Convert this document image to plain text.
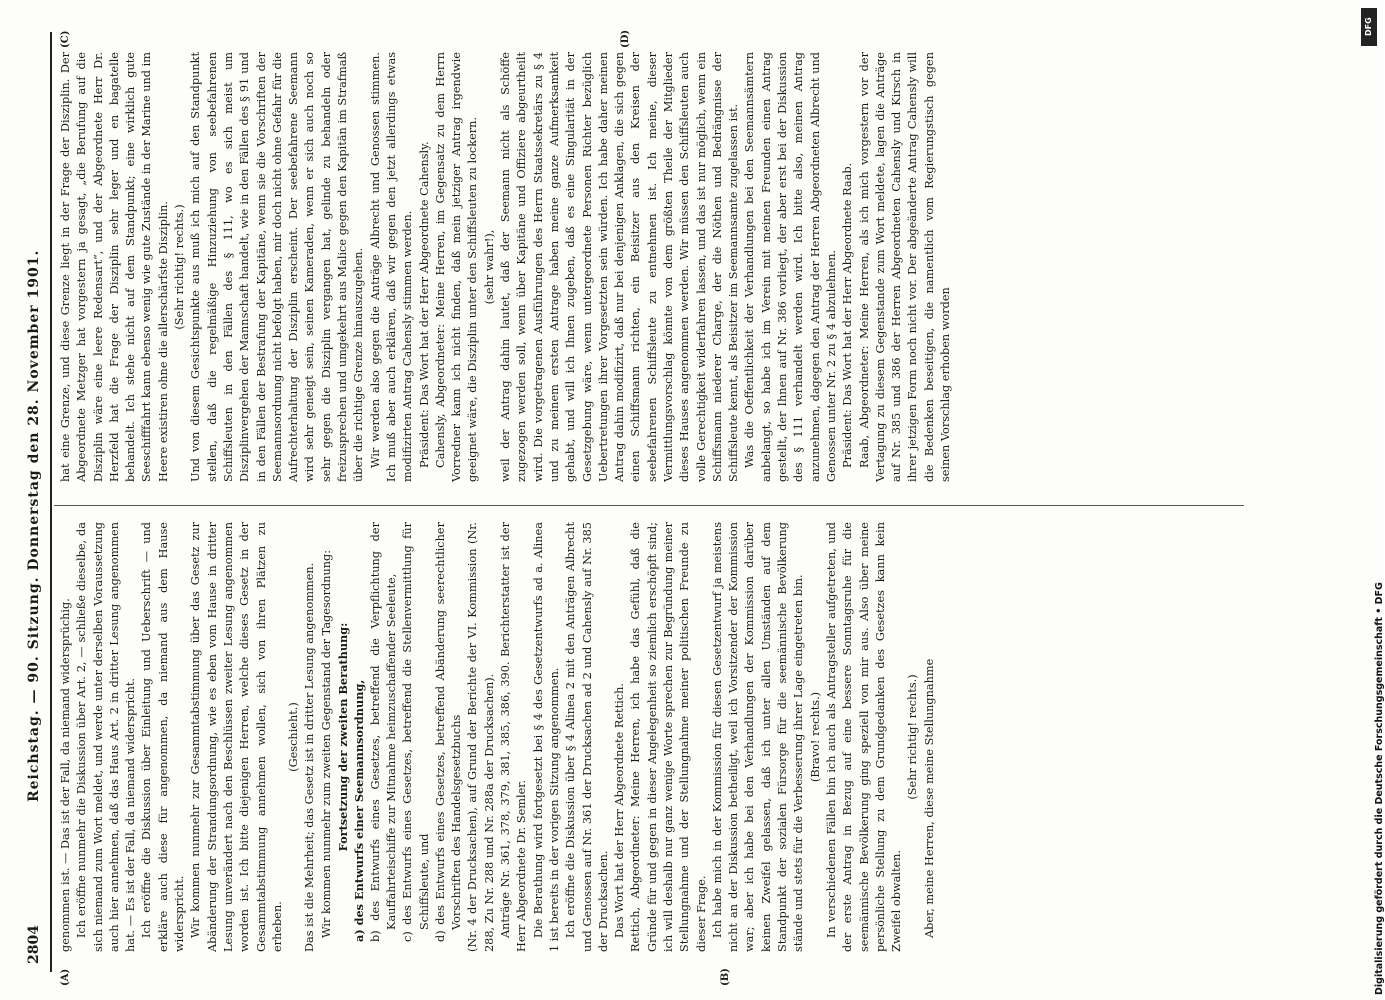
2804
Reichstag. — 90. Sitzung. Donnerstag den 28. November 1901.
(A)	(B)
(C)	(D)

genommen ist. — Das ist der Fall, da niemand widersprüchig. Ich eröffne nunmehr die Diskussion über Art. 2, — schließe dieselbe, da sich niemand zum Wort meldet, und werde unter derselben Voraussetzung auch hier annehmen, daß das Haus Art. 2 in dritter Lesung angenommen hat. — Es ist der Fall, da niemand widerspricht. Ich eröffne die Diskussion über Einleitung und Ueberschrift — und erkläre auch diese für angenommen, da niemand aus dem Hause widerspricht. Wir kommen nunmehr zur Gesammtabstimmung über das Gesetz zur Abänderung der Strandungsordnung, wie es eben vom Hause in dritter Lesung unverändert nach den Beschlüssen zweiter Lesung angenommen worden ist. Ich bitte diejenigen Herren, welche dieses Gesetz in der Gesammtabstimmung annehmen wollen, sich von ihren Plätzen zu erheben.

(Geschieht.) Das ist die Mehrheit; das Gesetz ist in dritter Lesung angenommen. Wir kommen nunmehr zum zweiten Gegenstand der Tagesordnung: Fortsetzung der zweiten Berathung: a) des Entwurfs einer Seemannsordnung, b) des Entwurfs eines Gesetzes, betreffend die Verpflichtung der Kauffahrteischiffe zur Mitnahme heimzuschaffender Seeleute, c) des Entwurfs eines Gesetzes, betreffend die Stellenvermittlung für Schiffsleute, und d) des Entwurfs eines Gesetzes, betreffend Abänderung seerechtlicher Vorschriften des Handelsgesetzbuchs (Nr. 4 der Drucksachen), auf Grund der Berichte der VI. Kommission (Nr. 288, Zu Nr. 288 und Nr. 288a der Drucksachen). Anträge Nr. 361, 378, 379, 381, 385, 386, 390. Berichterstatter ist der Herr Abgeordnete Dr. Semler. Die Berathung wird fortgesetzt bei § 4 des Gesetzentwurfs ad a. Alinea 1 ist bereits in der vorigen Sitzung angenommen. Ich eröffne die Diskussion über § 4 Alinea 2 mit den Anträgen Albrecht und Genossen auf Nr. 361 der Drucksachen ad 2 und Cahensly auf Nr. 385 der Drucksachen. Das Wort hat der Herr Abgeordnete Rettich. Rettich, Abgeordneter: Meine Herren, ich habe das Gefühl, daß die Gründe für und gegen in dieser Angelegenheit so ziemlich erschöpft sind; ich will deshalb nur ganz wenige Worte sprechen zur Begründung meiner Stellungnahme und der Stellungnahme meiner politischen Freunde zu dieser Frage. Ich habe mich in der Kommission für diesen Gesetzentwurf ja meistens nicht an der Diskussion betheiligt, weil ich Vorsitzender der Kommission war; aber ich habe bei den Verhandlungen der Kommission darüber keinen Zweifel gelassen, daß ich unter allen Umständen auf dem Standpunkt der sozialen Fürsorge für die seemännische Bevölkerung stände und stets für die Verbesserung ihrer Lage eingetreten bin. (Bravo! rechts.) In verschiedenen Fällen bin ich auch als Antragsteller aufgetreten, und der erste Antrag in Bezug auf eine bessere Sonntagsruhe für die seemännische Bevölkerung ging speziell von mir aus. Also über meine persönliche Stellung zu dem Grundgedanken des Gesetzes kann kein Zweifel obwalten.

(Sehr richtig! rechts.) Aber, meine Herren, diese meine Stellungnahme

hat eine Grenze, und diese Grenze liegt in der Frage der Disziplin. Der Abgeordnete Metzger hat vorgestern ja gesagt, „die Berufung auf die Disziplin wäre eine leere Redensart“, und der Abgeordnete Herr Dr. Herzfeld hat die Frage der Disziplin sehr leger und en bagatelle behandelt. Ich stehe nicht auf dem Standpunkt; eine wirklich gute Seeschifffahrt kann ebenso wenig wie gute Zustände in der Marine und im Heere existiren ohne die allerschärfste Disziplin. (Sehr richtig! rechts.) Und von diesem Gesichtspunkte aus muß ich mich auf den Standpunkt stellen, daß die regelmäßige Hinzuziehung von seebefahrenen Schiffsleuten in den Fällen des § 111, wo es sich meist um Disziplinvergehen der Mannschaft handelt, wie in den Fällen des § 91 und in den Fällen der Bestrafung der Kapitäne, wenn sie die Vorschriften der Seemannsordnung nicht befolgt haben, mir doch nicht ohne Gefahr für die Aufrechterhaltung der Disziplin erscheint. Der seebefahrene Seemann wird sehr geneigt sein, seinen Kameraden, wenn er sich auch noch so sehr gegen die Disziplin vergangen hat, gelinde zu behandeln oder freizusprechen und umgekehrt aus Malice gegen den Kapitän im Strafmaß über die richtige Grenze hinauszugehen. Wir werden also gegen die Anträge Albrecht und Genossen stimmen. Ich muß aber auch erklären, daß wir gegen den jetzt allerdings etwas modifizirten Antrag Cahensly stimmen werden. Präsident: Das Wort hat der Herr Abgeordnete Cahensly. Cahensly, Abgeordneter: Meine Herren, im Gegensatz zu dem Herrn Vorredner kann ich nicht finden, daß mein jetziger Antrag irgendwie geeignet wäre, die Disziplin unter den Schiffsleuten zu lockern. (sehr wahr!), weil der Antrag dahin lautet, daß der Seemann nicht als Schöffe zugezogen werden soll, wenn über Kapitäne und Offiziere abgeurtheilt wird. Die vorgetragenen Ausführungen des Herrn Staatssekretärs zu § 4 und zu meinem ersten Antrage haben meine ganze Aufmerksamkeit gehabt, und will ich Ihnen zugeben, daß es eine Singularität in der Gesetzgebung wäre, wenn untergeordnete Personen Richter bezüglich Uebertretungen ihrer Vorgesetzten sein würden. Ich habe daher meinen Antrag dahin modifizirt, daß nur bei denjenigen Anklagen, die sich gegen einen Schiffsmann richten, ein Beisitzer aus den Kreisen der seebefahrenen Schiffsleute zu entnehmen ist. Ich meine, dieser Vermittlungsvorschlag könnte von dem größten Theile der Mitglieder dieses Hauses angenommen werden. Wir müssen den Schiffsleuten auch volle Gerechtigkeit widerfahren lassen, und das ist nur möglich, wenn ein Schiffsmann niederer Charge, der die Nöthen und Bedrängnisse der Schiffsleute kennt, als Beisitzer im Seemannsamte zugelassen ist. Was die Oeffentlichkeit der Verhandlungen bei den Seemannsämtern anbelangt, so habe ich im Verein mit meinen Freunden einen Antrag gestellt, der Ihnen auf Nr. 386 vorliegt, der aber erst bei der Diskussion des § 111 verhandelt werden wird. Ich bitte also, meinen Antrag anzunehmen, dagegen den Antrag der Herren Abgeordneten Albrecht und Genossen unter Nr. 2 zu § 4 abzulehnen. Präsident: Das Wort hat der Herr Abgeordnete Raab. Raab, Abgeordneter: Meine Herren, als ich mich vorgestern vor der Vertagung zu diesem Gegenstande zum Wort meldete, lagen die Anträge auf Nr. 385 und 386 der Herren Abgeordneten Cahensly und Kirsch in ihrer jetzigen Form noch nicht vor. Der abgeänderte Antrag Cahensly will die Bedenken beseitigen, die namentlich vom Regierungstisch gegen seinen Vorschlag erhoben worden

DFG
Digitalisierung gefördert durch die Deutsche Forschungsgemeinschaft • DFG
